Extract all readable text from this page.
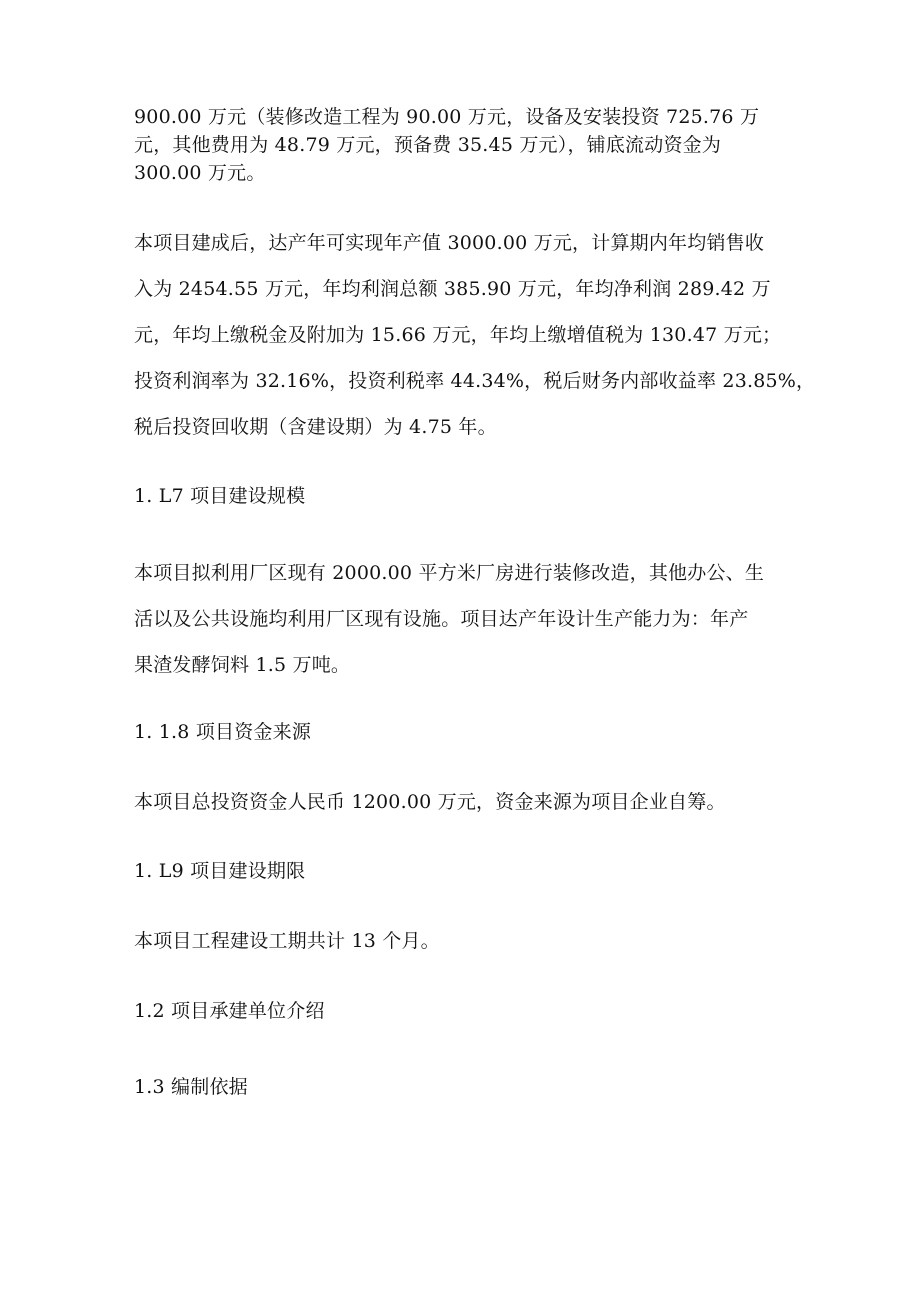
900.00 万元（装修改造工程为 90.00 万元，设备及安装投资 725.76 万
元，其他费用为 48.79 万元，预备费 35.45 万元），铺底流动资金为
300.00 万元。

本项目建成后，达产年可实现年产值 3000.00 万元，计算期内年均销售收
入为 2454.55 万元，年均利润总额 385.90 万元，年均净利润 289.42 万
元，年均上缴税金及附加为 15.66 万元，年均上缴增值税为 130.47 万元；
投资利润率为 32.16%，投资利税率 44.34%，税后财务内部收益率 23.85%，
税后投资回收期（含建设期）为 4.75 年。

1. L7 项目建设规模

本项目拟利用厂区现有 2000.00 平方米厂房进行装修改造，其他办公、生
活以及公共设施均利用厂区现有设施。项目达产年设计生产能力为：年产
果渣发酵饲料 1.5 万吨。

1. 1.8 项目资金来源

本项目总投资资金人民币 1200.00 万元，资金来源为项目企业自筹。

1. L9 项目建设期限

本项目工程建设工期共计 13 个月。

1.2 项目承建单位介绍

1.3 编制依据
